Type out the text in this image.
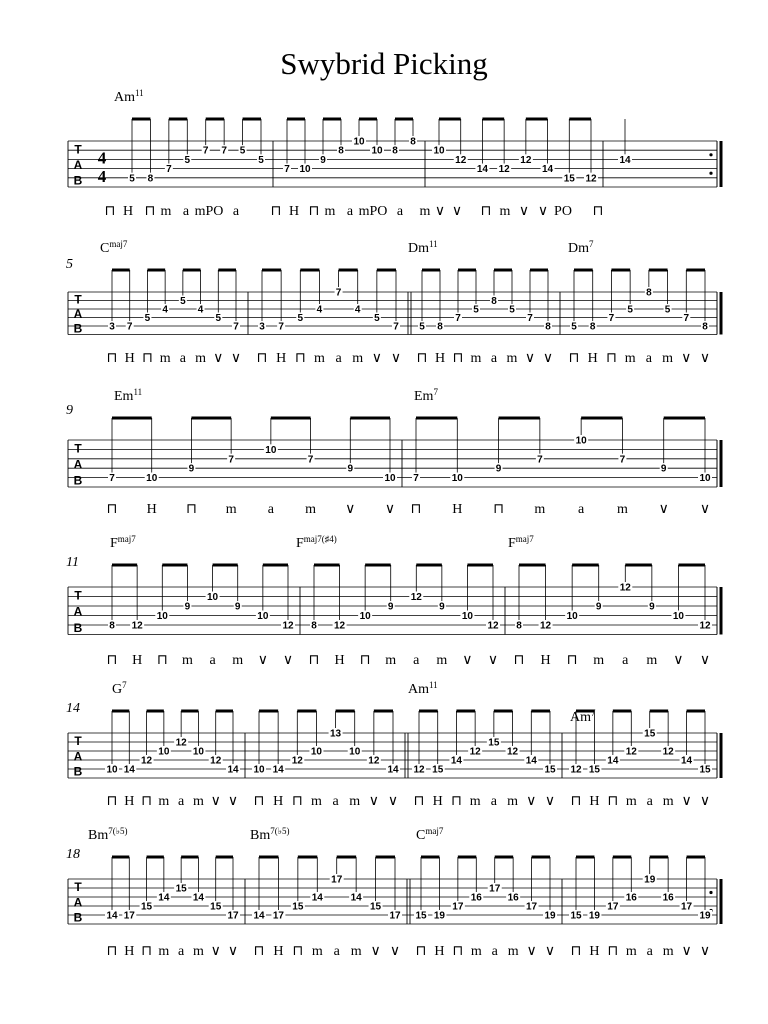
Swybrid Picking
T
A
B
4
4
Am$^{11}$
5 8
7
5
7 7 5
5
7 10
9
8
10
10 8
8
10
12
14 12
12
14
15 12
14
⊓ H ⊓ m a mPO a ⊓ H ⊓ m a mPO a m ∨ ∨ ⊓ m ∨ ∨ PO ⊓
T
A
B
5
$C^{maj7}$	Dm$^{11}$	Dm$^7$
3 7
5
4
5
4
5
7 3 7
5
4
7
4
5
7 5 8
7
5
8
5
7
8 5 8
7
5
8
5
7
8
⊓ H ⊓ m a m ∨ ∨ ⊓ H ⊓ m a m ∨ ∨ ⊓ H ⊓ m a m ∨ ∨ ⊓ H ⊓ m a m ∨ ∨
T
A
B
9
Em$^{11}$	Em$^7$
7	10
9
7
10
7
9
10 7	10
9
7
10
7
9
10
⊓ H ⊓ m a m ∨ ∨ ⊓ H ⊓ m a m ∨ ∨
T
A
B
11
$F^{maj7}$	$F^{maj7(♯4)}$	$F^{maj7}$
8 12
10
9
10
9
10
12 8 12
10
9
12
9
10
12 8 12
10
9
12
9
10
12
⊓ H ⊓ m a m ∨ ∨ ⊓ H ⊓ m a m ∨ ∨ ⊓ H ⊓ m a m ∨ ∨
T
A
B
14
$G^7$	Am$^{11}$
Am$^7$
10 14
12
10
12
10
12
14 10 14
12
10
13
10
12
14 12 15
14
12
15
12
14
15 12 15
14
12
15
12
14
15
⊓ H ⊓ m a m ∨ ∨ ⊓ H ⊓ m a m ∨ ∨ ⊓ H ⊓ m a m ∨ ∨ ⊓ H ⊓ m a m ∨ ∨
T
A
B
18
$Bm^{7(♭5)}$	$Bm^{7(♭5)}$	$C^{maj7}$
14 17
15
14
15
14
15
17 14 17
15
14
17
14
15
17 15 19
17
16
17
16
17
19 15 19
17
16
19
16
17
19
⊓ H ⊓ m a m ∨ ∨ ⊓ H ⊓ m a m ∨ ∨ ⊓ H ⊓ m a m ∨ ∨ ⊓ H ⊓ m a m ∨ ∨
